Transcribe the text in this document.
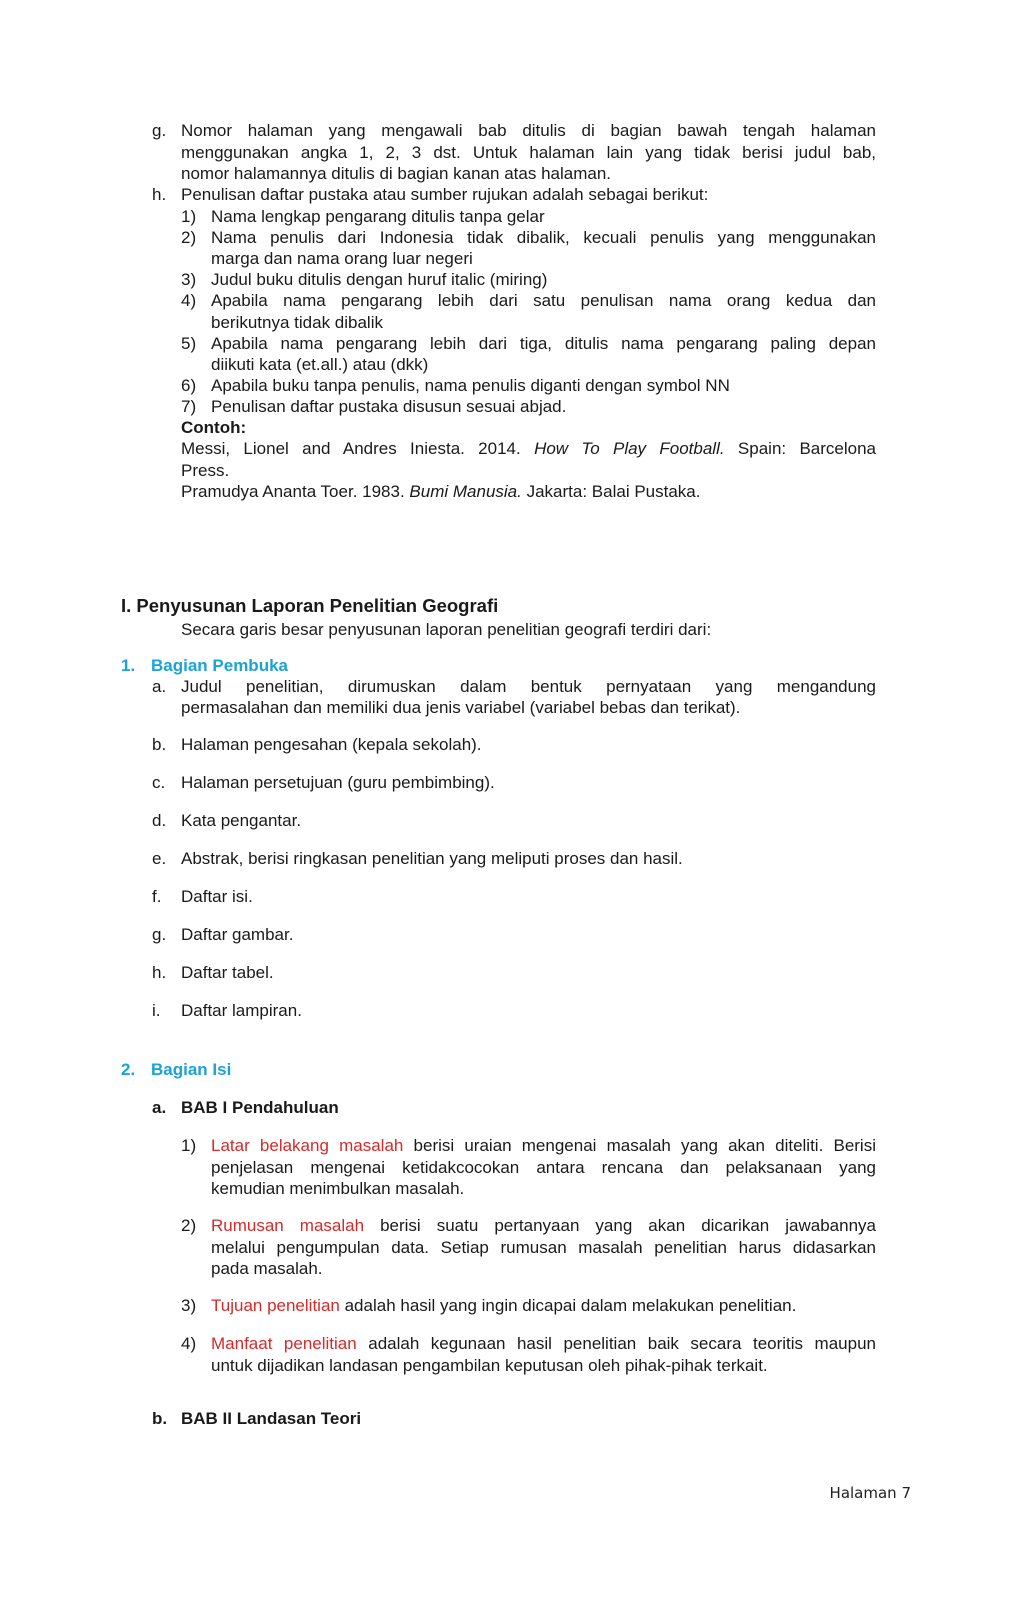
g. Nomor halaman yang mengawali bab ditulis di bagian bawah tengah halaman
menggunakan angka 1, 2, 3 dst. Untuk halaman lain yang tidak berisi judul bab,
nomor halamannya ditulis di bagian kanan atas halaman.
h. Penulisan daftar pustaka atau sumber rujukan adalah sebagai berikut:
1) Nama lengkap pengarang ditulis tanpa gelar
2) Nama penulis dari Indonesia tidak dibalik, kecuali penulis yang menggunakan
marga dan nama orang luar negeri
3) Judul buku ditulis dengan huruf italic (miring)
4) Apabila nama pengarang lebih dari satu penulisan nama orang kedua dan
berikutnya tidak dibalik
5) Apabila nama pengarang lebih dari tiga, ditulis nama pengarang paling depan
diikuti kata (et.all.) atau (dkk)
6) Apabila buku tanpa penulis, nama penulis diganti dengan symbol NN
7) Penulisan daftar pustaka disusun sesuai abjad.
Contoh:
Messi, Lionel and Andres Iniesta. 2014. How To Play Football. Spain: Barcelona
Press.
Pramudya Ananta Toer. 1983. Bumi Manusia. Jakarta: Balai Pustaka.
I. Penyusunan Laporan Penelitian Geografi
Secara garis besar penyusunan laporan penelitian geografi terdiri dari:
1. Bagian Pembuka
a. Judul penelitian, dirumuskan dalam bentuk pernyataan yang mengandung
permasalahan dan memiliki dua jenis variabel (variabel bebas dan terikat).
b. Halaman pengesahan (kepala sekolah).
c. Halaman persetujuan (guru pembimbing).
d. Kata pengantar.
e. Abstrak, berisi ringkasan penelitian yang meliputi proses dan hasil.
f. Daftar isi.
g. Daftar gambar.
h. Daftar tabel.
i. Daftar lampiran.
2. Bagian Isi
a. BAB I Pendahuluan
1) Latar belakang masalah berisi uraian mengenai masalah yang akan diteliti. Berisi
penjelasan mengenai ketidakcocokan antara rencana dan pelaksanaan yang
kemudian menimbulkan masalah.
2) Rumusan masalah berisi suatu pertanyaan yang akan dicarikan jawabannya
melalui pengumpulan data. Setiap rumusan masalah penelitian harus didasarkan
pada masalah.
3) Tujuan penelitian adalah hasil yang ingin dicapai dalam melakukan penelitian.
4) Manfaat penelitian adalah kegunaan hasil penelitian baik secara teoritis maupun
untuk dijadikan landasan pengambilan keputusan oleh pihak-pihak terkait.
b. BAB II Landasan Teori
Halaman 7
